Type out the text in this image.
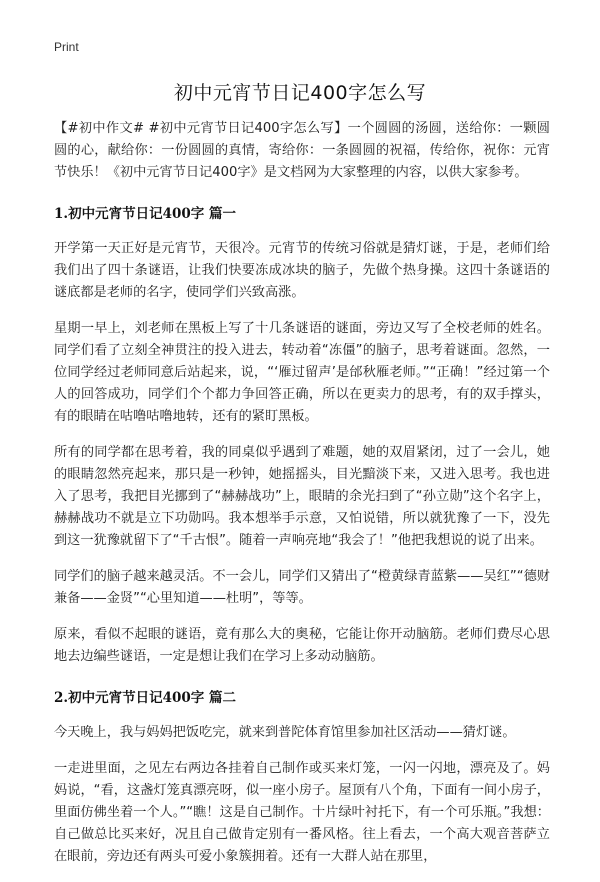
Print
初中元宵节日记400字怎么写

【#初中作文# #初中元宵节日记400字怎么写】一个圆圆的汤圆，送给你：一颗圆圆的心，献给你：一份圆圆的真情，寄给你：一条圆圆的祝福，传给你，祝你：元宵节快乐！《初中元宵节日记400字》是文档网为大家整理的内容，以供大家参考。

1.初中元宵节日记400字 篇一

开学第一天正好是元宵节，天很冷。元宵节的传统习俗就是猜灯谜，于是，老师们给我们出了四十条谜语，让我们快要冻成冰块的脑子，先做个热身操。这四十条谜语的谜底都是老师的名字，使同学们兴致高涨。

星期一早上，刘老师在黑板上写了十几条谜语的谜面，旁边又写了全校老师的姓名。同学们看了立刻全神贯注的投入进去，转动着“冻僵”的脑子，思考着谜面。忽然，一位同学经过老师同意后站起来，说，“‘雁过留声’是邰秋雁老师。”“正确！”经过第一个人的回答成功，同学们个个都力争回答正确，所以在更卖力的思考，有的双手撑头，有的眼睛在咕噜咕噜地转，还有的紧盯黑板。

所有的同学都在思考着，我的同桌似乎遇到了难题，她的双眉紧闭，过了一会儿，她的眼睛忽然亮起来，那只是一秒钟，她摇摇头，目光黯淡下来，又进入思考。我也进入了思考，我把目光挪到了“赫赫战功”上，眼睛的余光扫到了“孙立勋”这个名字上，赫赫战功不就是立下功勋吗。我本想举手示意，又怕说错，所以就犹豫了一下，没先到这一犹豫就留下了“千古恨”。随着一声响亮地“我会了！”他把我想说的说了出来。

同学们的脑子越来越灵活。不一会儿，同学们又猜出了“橙黄绿青蓝紫——吴红”“德财兼备——金贤”“心里知道——杜明”，等等。

原来，看似不起眼的谜语，竟有那么大的奥秘，它能让你开动脑筋。老师们费尽心思地去边编些谜语，一定是想让我们在学习上多动动脑筋。

2.初中元宵节日记400字 篇二

今天晚上，我与妈妈把饭吃完，就来到普陀体育馆里参加社区活动——猜灯谜。

一走进里面，之见左右两边各挂着自己制作或买来灯笼，一闪一闪地，漂亮及了。妈妈说，“看，这盏灯笼真漂亮呀，似一座小房子。屋顶有八个角，下面有一间小房子，里面仿佛坐着一个人。”“瞧！这是自己制作。十片绿叶衬托下，有一个可乐瓶。”我想：自己做总比买来好，况且自己做肯定别有一番风格。往上看去，一个高大观音菩萨立在眼前，旁边还有两头可爱小象簇拥着。还有一大群人站在那里，
